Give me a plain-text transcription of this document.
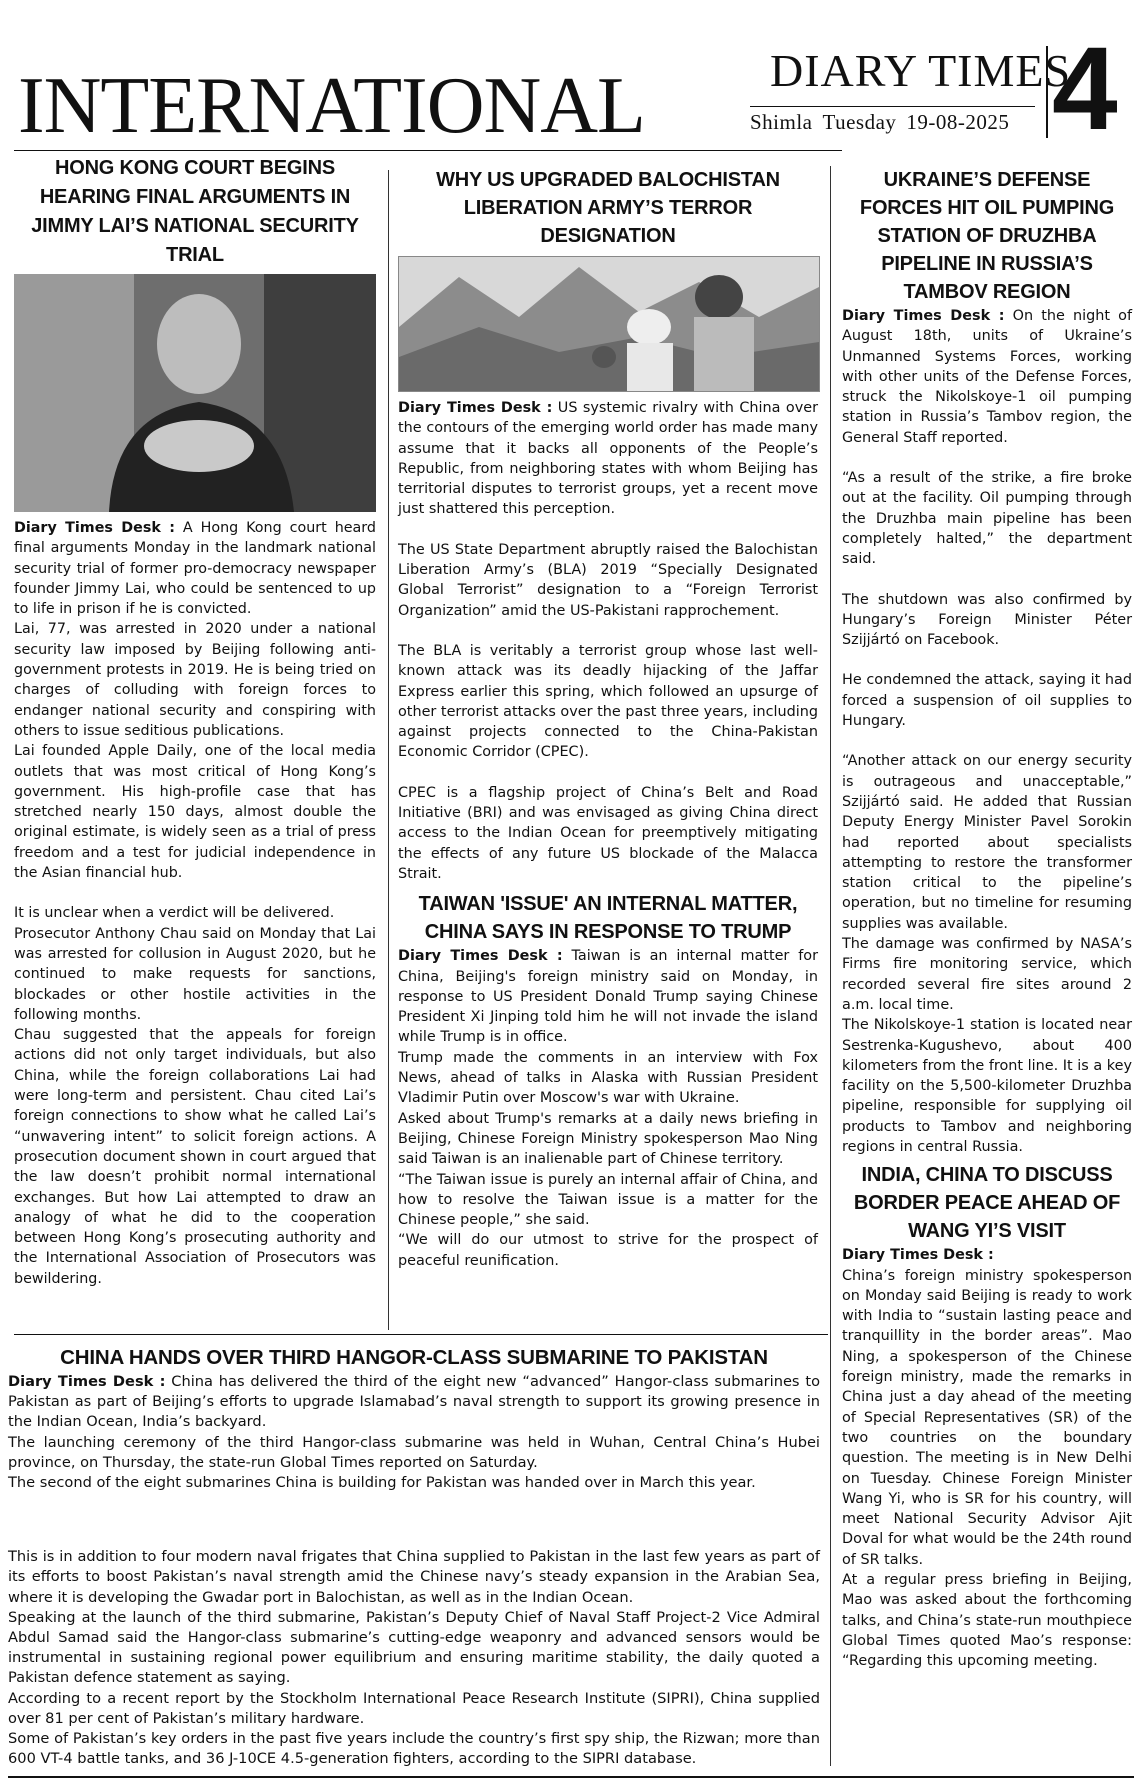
INTERNATIONAL	DIARY TIMES
Shimla Tuesday 19-08-2025 4
HONG KONG COURT BEGINS HEARING FINAL ARGUMENTS IN JIMMY LAI’S NATIONAL SECURITY TRIAL

Diary Times Desk : A Hong Kong court heard final arguments Monday in the landmark national security trial of former pro-democracy newspaper founder Jimmy Lai, who could be sentenced to up to life in prison if he is convicted.

Lai, 77, was arrested in 2020 under a national security law imposed by Beijing following anti-government protests in 2019. He is being tried on charges of colluding with foreign forces to endanger national security and conspiring with others to issue seditious publications.

Lai founded Apple Daily, one of the local media outlets that was most critical of Hong Kong’s government. His high-profile case that has stretched nearly 150 days, almost double the original estimate, is widely seen as a trial of press freedom and a test for judicial independence in the Asian financial hub.

It is unclear when a verdict will be delivered.

Prosecutor Anthony Chau said on Monday that Lai was arrested for collusion in August 2020, but he continued to make requests for sanctions, blockades or other hostile activities in the following months.

Chau suggested that the appeals for foreign actions did not only target individuals, but also China, while the foreign collaborations Lai had were long-term and persistent. Chau cited Lai’s foreign connections to show what he called Lai’s “unwavering intent” to solicit foreign actions. A prosecution document shown in court argued that the law doesn’t prohibit normal international exchanges. But how Lai attempted to draw an analogy of what he did to the cooperation between Hong Kong’s prosecuting authority and the International Association of Prosecutors was bewildering.

WHY US UPGRADED BALOCHISTAN LIBERATION ARMY’S TERROR DESIGNATION

Diary Times Desk : US systemic rivalry with China over the contours of the emerging world order has made many assume that it backs all opponents of the People’s Republic, from neighboring states with whom Beijing has territorial disputes to terrorist groups, yet a recent move just shattered this perception.

The US State Department abruptly raised the Balochistan Liberation Army’s (BLA) 2019 “Specially Designated Global Terrorist” designation to a “Foreign Terrorist Organization” amid the US-Pakistani rapprochement.

The BLA is veritably a terrorist group whose last well-known attack was its deadly hijacking of the Jaffar Express earlier this spring, which followed an upsurge of other terrorist attacks over the past three years, including against projects connected to the China-Pakistan Economic Corridor (CPEC).

CPEC is a flagship project of China’s Belt and Road Initiative (BRI) and was envisaged as giving China direct access to the Indian Ocean for preemptively mitigating the effects of any future US blockade of the Malacca Strait.

TAIWAN 'ISSUE' AN INTERNAL MATTER, CHINA SAYS IN RESPONSE TO TRUMP

Diary Times Desk : Taiwan is an internal matter for China, Beijing's foreign ministry said on Monday, in response to US President Donald Trump saying Chinese President Xi Jinping told him he will not invade the island while Trump is in office.

Trump made the comments in an interview with Fox News, ahead of talks in Alaska with Russian President Vladimir Putin over Moscow's war with Ukraine.

Asked about Trump's remarks at a daily news briefing in Beijing, Chinese Foreign Ministry spokesperson Mao Ning said Taiwan is an inalienable part of Chinese territory.

“The Taiwan issue is purely an internal affair of China, and how to resolve the Taiwan issue is a matter for the Chinese people,” she said.

“We will do our utmost to strive for the prospect of peaceful reunification.

UKRAINE’S DEFENSE FORCES HIT OIL PUMPING STATION OF DRUZHBA PIPELINE IN RUSSIA’S TAMBOV REGION

Diary Times Desk : On the night of August 18th, units of Ukraine’s Unmanned Systems Forces, working with other units of the Defense Forces, struck the Nikolskoye-1 oil pumping station in Russia’s Tambov region, the General Staff reported.

“As a result of the strike, a fire broke out at the facility. Oil pumping through the Druzhba main pipeline has been completely halted,” the department said.

The shutdown was also confirmed by Hungary’s Foreign Minister Péter Szijjártó on Facebook.

He condemned the attack, saying it had forced a suspension of oil supplies to Hungary.

“Another attack on our energy security is outrageous and unacceptable,” Szijjártó said. He added that Russian Deputy Energy Minister Pavel Sorokin had reported about specialists attempting to restore the transformer station critical to the pipeline’s operation, but no timeline for resuming supplies was available.

The damage was confirmed by NASA’s Firms fire monitoring service, which recorded several fire sites around 2 a.m. local time.

The Nikolskoye-1 station is located near Sestrenka-Kugushevo, about 400 kilometers from the front line. It is a key facility on the 5,500-kilometer Druzhba pipeline, responsible for supplying oil products to Tambov and neighboring regions in central Russia.

INDIA, CHINA TO DISCUSS BORDER PEACE AHEAD OF WANG YI’S VISIT

Diary Times Desk :

China’s foreign ministry spokesperson on Monday said Beijing is ready to work with India to “sustain lasting peace and tranquillity in the border areas”. Mao Ning, a spokesperson of the Chinese foreign ministry, made the remarks in China just a day ahead of the meeting of Special Representatives (SR) of the two countries on the boundary question. The meeting is in New Delhi on Tuesday. Chinese Foreign Minister Wang Yi, who is SR for his country, will meet National Security Advisor Ajit Doval for what would be the 24th round of SR talks.

At a regular press briefing in Beijing, Mao was asked about the forthcoming talks, and China’s state-run mouthpiece Global Times quoted Mao’s response: “Regarding this upcoming meeting.

CHINA HANDS OVER THIRD HANGOR-CLASS SUBMARINE TO PAKISTAN

Diary Times Desk : China has delivered the third of the eight new “advanced” Hangor-class submarines to Pakistan as part of Beijing’s efforts to upgrade Islamabad’s naval strength to support its growing presence in the Indian Ocean, India’s backyard.

The launching ceremony of the third Hangor-class submarine was held in Wuhan, Central China’s Hubei province, on Thursday, the state-run Global Times reported on Saturday.

The second of the eight submarines China is building for Pakistan was handed over in March this year.

This is in addition to four modern naval frigates that China supplied to Pakistan in the last few years as part of its efforts to boost Pakistan’s naval strength amid the Chinese navy’s steady expansion in the Arabian Sea, where it is developing the Gwadar port in Balochistan, as well as in the Indian Ocean.

Speaking at the launch of the third submarine, Pakistan’s Deputy Chief of Naval Staff Project-2 Vice Admiral Abdul Samad said the Hangor-class submarine’s cutting-edge weaponry and advanced sensors would be instrumental in sustaining regional power equilibrium and ensuring maritime stability, the daily quoted a Pakistan defence statement as saying.

According to a recent report by the Stockholm International Peace Research Institute (SIPRI), China supplied over 81 per cent of Pakistan’s military hardware.

Some of Pakistan’s key orders in the past five years include the country’s first spy ship, the Rizwan; more than 600 VT-4 battle tanks, and 36 J-10CE 4.5-generation fighters, according to the SIPRI database.
